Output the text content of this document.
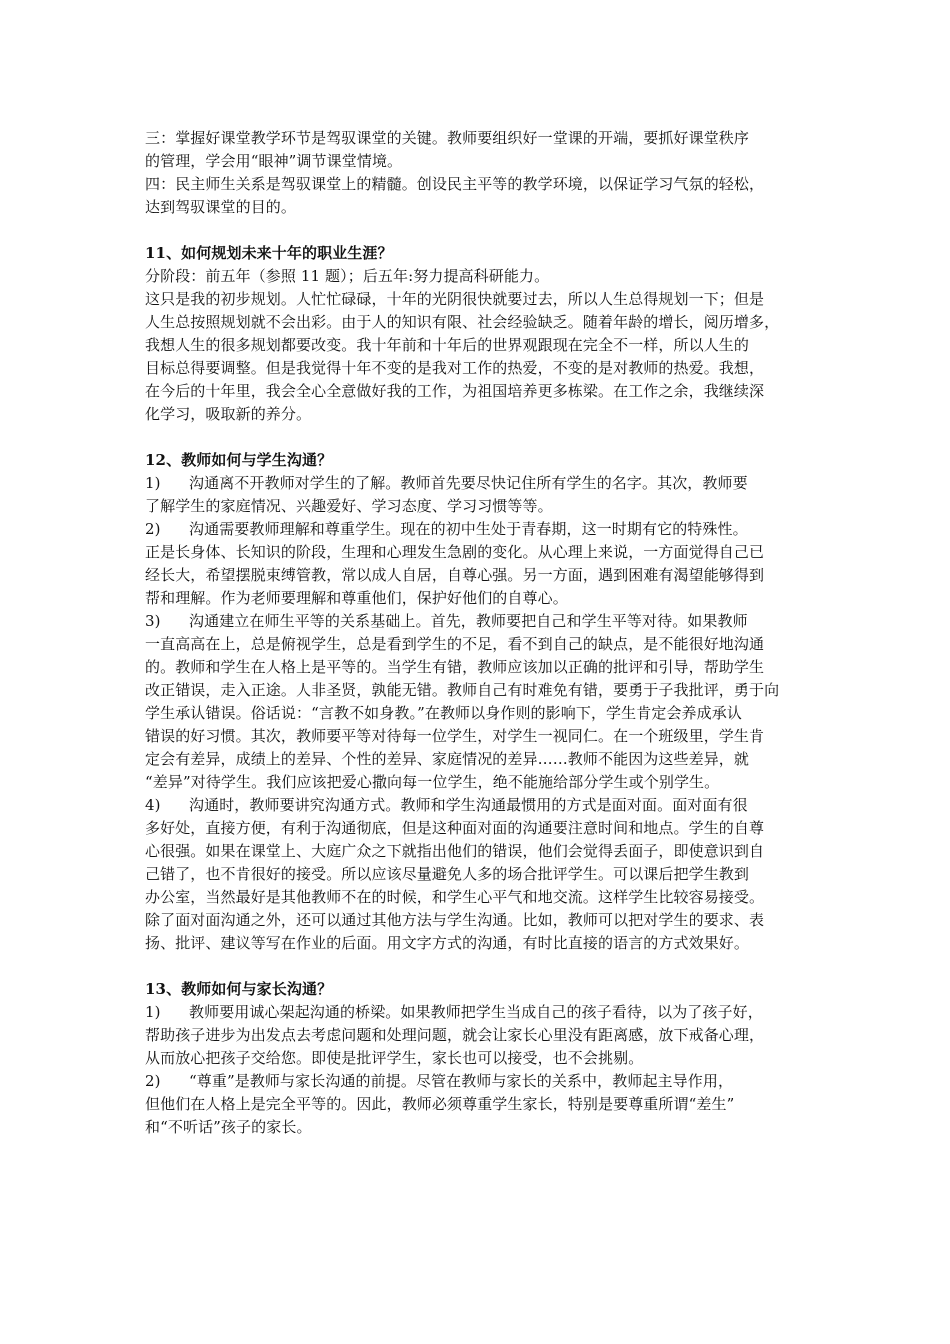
三：掌握好课堂教学环节是驾驭课堂的关键。教师要组织好一堂课的开端，要抓好课堂秩序
的管理，学会用“眼神”调节课堂情境。
四：民主师生关系是驾驭课堂上的精髓。创设民主平等的教学环境，以保证学习气氛的轻松，
达到驾驭课堂的目的。
11、如何规划未来十年的职业生涯？
分阶段：前五年（参照 11 题）；后五年:努力提高科研能力。
这只是我的初步规划。人忙忙碌碌，十年的光阴很快就要过去，所以人生总得规划一下；但是
人生总按照规划就不会出彩。由于人的知识有限、社会经验缺乏。随着年龄的增长，阅历增多，
我想人生的很多规划都要改变。我十年前和十年后的世界观跟现在完全不一样，所以人生的
目标总得要调整。但是我觉得十年不变的是我对工作的热爱，不变的是对教师的热爱。我想，
在今后的十年里，我会全心全意做好我的工作，为祖国培养更多栋梁。在工作之余，我继续深
化学习，吸取新的养分。
12、教师如何与学生沟通？
1) 沟通离不开教师对学生的了解。教师首先要尽快记住所有学生的名字。其次，教师要
了解学生的家庭情况、兴趣爱好、学习态度、学习习惯等等。
2) 沟通需要教师理解和尊重学生。现在的初中生处于青春期，这一时期有它的特殊性。
正是长身体、长知识的阶段，生理和心理发生急剧的变化。从心理上来说，一方面觉得自己已
经长大，希望摆脱束缚管教，常以成人自居，自尊心强。另一方面，遇到困难有渴望能够得到
帮和理解。作为老师要理解和尊重他们，保护好他们的自尊心。
3) 沟通建立在师生平等的关系基础上。首先，教师要把自己和学生平等对待。如果教师
一直高高在上，总是俯视学生，总是看到学生的不足，看不到自己的缺点，是不能很好地沟通
的。教师和学生在人格上是平等的。当学生有错，教师应该加以正确的批评和引导，帮助学生
改正错误，走入正途。人非圣贤，孰能无错。教师自己有时难免有错，要勇于子我批评，勇于向
学生承认错误。俗话说：“言教不如身教。”在教师以身作则的影响下，学生肯定会养成承认
错误的好习惯。其次，教师要平等对待每一位学生，对学生一视同仁。在一个班级里，学生肯
定会有差异，成绩上的差异、个性的差异、家庭情况的差异……教师不能因为这些差异，就
“差异”对待学生。我们应该把爱心撒向每一位学生，绝不能施给部分学生或个别学生。
4) 沟通时，教师要讲究沟通方式。教师和学生沟通最惯用的方式是面对面。面对面有很
多好处，直接方便，有利于沟通彻底，但是这种面对面的沟通要注意时间和地点。学生的自尊
心很强。如果在课堂上、大庭广众之下就指出他们的错误，他们会觉得丢面子，即使意识到自
己错了，也不肯很好的接受。所以应该尽量避免人多的场合批评学生。可以课后把学生教到
办公室，当然最好是其他教师不在的时候，和学生心平气和地交流。这样学生比较容易接受。
除了面对面沟通之外，还可以通过其他方法与学生沟通。比如，教师可以把对学生的要求、表
扬、批评、建议等写在作业的后面。用文字方式的沟通，有时比直接的语言的方式效果好。
13、教师如何与家长沟通？
1) 教师要用诚心架起沟通的桥梁。如果教师把学生当成自己的孩子看待，以为了孩子好，
帮助孩子进步为出发点去考虑问题和处理问题，就会让家长心里没有距离感，放下戒备心理，
从而放心把孩子交给您。即使是批评学生，家长也可以接受，也不会挑剔。
2) “尊重”是教师与家长沟通的前提。尽管在教师与家长的关系中，教师起主导作用，
但他们在人格上是完全平等的。因此，教师必须尊重学生家长，特别是要尊重所谓“差生”
和“不听话”孩子的家长。
